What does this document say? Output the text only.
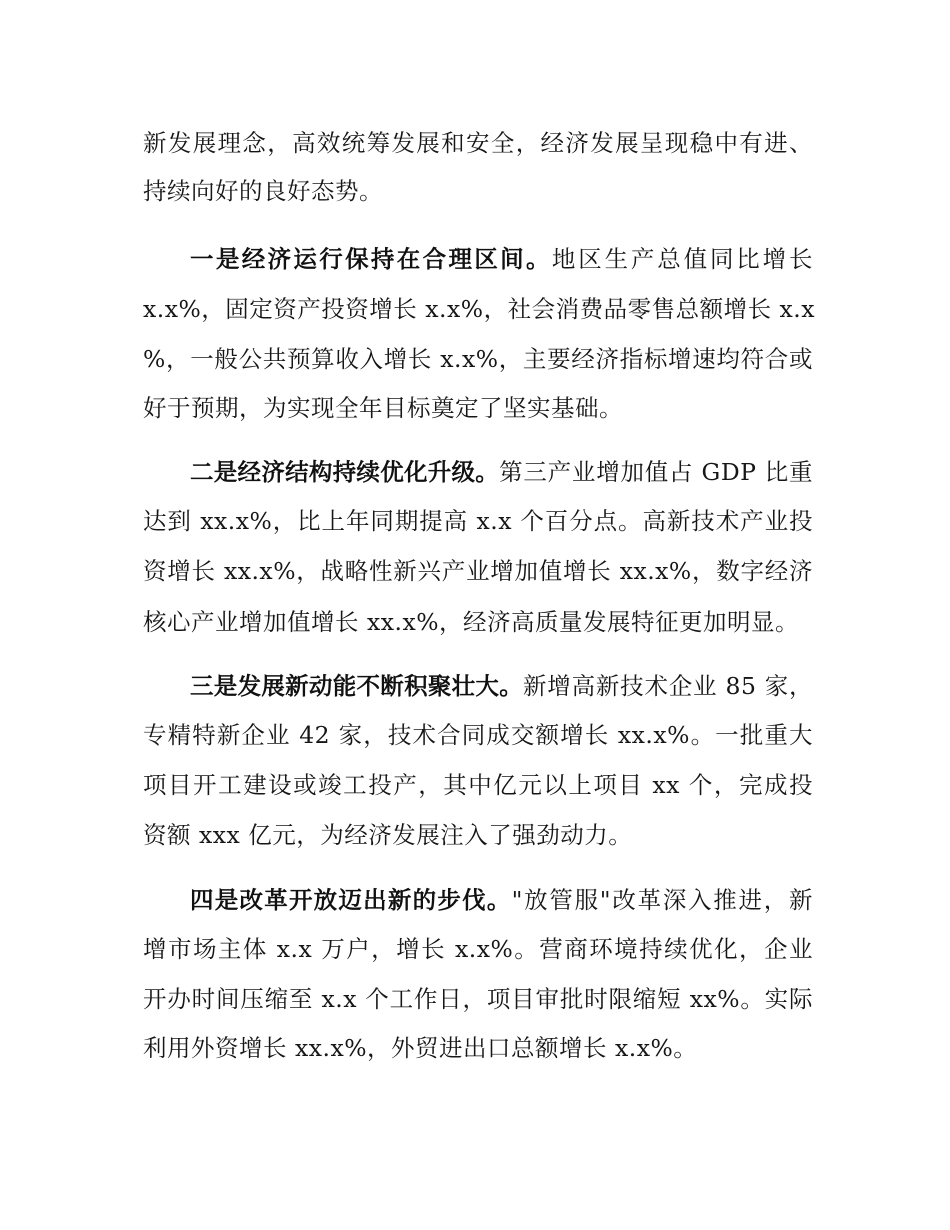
新发展理念，高效统筹发展和安全，经济发展呈现稳中有进、
持续向好的良好态势。
一是经济运行保持在合理区间。地区生产总值同比增长
x.x%，固定资产投资增长 x.x%，社会消费品零售总额增长 x.x
%，一般公共预算收入增长 x.x%，主要经济指标增速均符合或
好于预期，为实现全年目标奠定了坚实基础。
二是经济结构持续优化升级。第三产业增加值占 GDP 比重
达到 xx.x%，比上年同期提高 x.x 个百分点。高新技术产业投
资增长 xx.x%，战略性新兴产业增加值增长 xx.x%，数字经济
核心产业增加值增长 xx.x%，经济高质量发展特征更加明显。
三是发展新动能不断积聚壮大。新增高新技术企业 85 家，
专精特新企业 42 家，技术合同成交额增长 xx.x%。一批重大
项目开工建设或竣工投产，其中亿元以上项目 xx 个，完成投
资额 xxx 亿元，为经济发展注入了强劲动力。
四是改革开放迈出新的步伐。"放管服"改革深入推进，新
增市场主体 x.x 万户，增长 x.x%。营商环境持续优化，企业
开办时间压缩至 x.x 个工作日，项目审批时限缩短 xx%。实际
利用外资增长 xx.x%，外贸进出口总额增长 x.x%。
